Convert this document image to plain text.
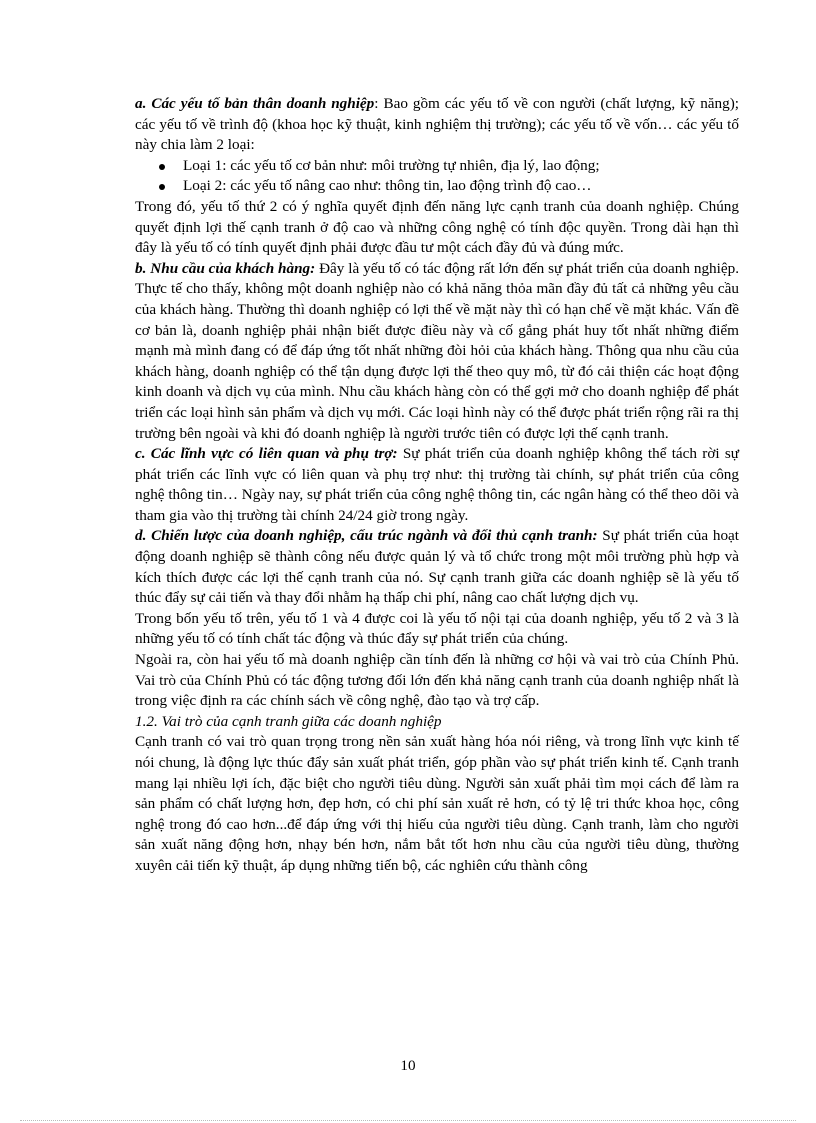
a. Các yếu tố bản thân doanh nghiệp: Bao gồm các yếu tố về con người (chất lượng, kỹ năng); các yếu tố về trình độ (khoa học kỹ thuật, kinh nghiệm thị trường); các yếu tố về vốn… các yếu tố này chia làm 2 loại:

Loại 1: các yếu tố cơ bản như: môi trường tự nhiên, địa lý, lao động;
Loại 2: các yếu tố nâng cao như: thông tin, lao động trình độ cao…

Trong đó, yếu tố thứ 2 có ý nghĩa quyết định đến năng lực cạnh tranh của doanh nghiệp. Chúng quyết định lợi thế cạnh tranh ở độ cao và những công nghệ có tính độc quyền. Trong dài hạn thì đây là yếu tố có tính quyết định phải được đầu tư một cách đầy đủ và đúng mức.

b. Nhu cầu của khách hàng: Đây là yếu tố có tác động rất lớn đến sự phát triển của doanh nghiệp. Thực tế cho thấy, không một doanh nghiệp nào có khả năng thỏa mãn đầy đủ tất cả những yêu cầu của khách hàng. Thường thì doanh nghiệp có lợi thế về mặt này thì có hạn chế về mặt khác. Vấn đề cơ bản là, doanh nghiệp phải nhận biết được điều này và cố gắng phát huy tốt nhất những điểm mạnh mà mình đang có để đáp ứng tốt nhất những đòi hỏi của khách hàng. Thông qua nhu cầu của khách hàng, doanh nghiệp có thể tận dụng được lợi thế theo quy mô, từ đó cải thiện các hoạt động kinh doanh và dịch vụ của mình. Nhu cầu khách hàng còn có thể gợi mở cho doanh nghiệp để phát triển các loại hình sản phẩm và dịch vụ mới. Các loại hình này có thể được phát triển rộng rãi ra thị trường bên ngoài và khi đó doanh nghiệp là người trước tiên có được lợi thế cạnh tranh.

c. Các lĩnh vực có liên quan và phụ trợ: Sự phát triển của doanh nghiệp không thể tách rời sự phát triển các lĩnh vực có liên quan và phụ trợ như: thị trường tài chính, sự phát triển của công nghệ thông tin… Ngày nay, sự phát triển của công nghệ thông tin, các ngân hàng có thể theo dõi và tham gia vào thị trường tài chính 24/24 giờ trong ngày.

d. Chiến lược của doanh nghiệp, cấu trúc ngành và đối thủ cạnh tranh: Sự phát triển của hoạt động doanh nghiệp sẽ thành công nếu được quản lý và tổ chức trong một môi trường phù hợp và kích thích được các lợi thế cạnh tranh của nó. Sự cạnh tranh giữa các doanh nghiệp sẽ là yếu tố thúc đẩy sự cải tiến và thay đổi nhằm hạ thấp chi phí, nâng cao chất lượng dịch vụ.

Trong bốn yếu tố trên, yếu tố 1 và 4 được coi là yếu tố nội tại của doanh nghiệp, yếu tố 2 và 3 là những yếu tố có tính chất tác động và thúc đẩy sự phát triển của chúng.

Ngoài ra, còn hai yếu tố mà doanh nghiệp cần tính đến là những cơ hội và vai trò của Chính Phủ. Vai trò của Chính Phủ có tác động tương đối lớn đến khả năng cạnh tranh của doanh nghiệp nhất là trong việc định ra các chính sách về công nghệ, đào tạo và trợ cấp.

1.2. Vai trò của cạnh tranh giữa các doanh nghiệp

Cạnh tranh có vai trò quan trọng trong nền sản xuất hàng hóa nói riêng, và trong lĩnh vực kinh tế nói chung, là động lực thúc đẩy sản xuất phát triển, góp phần vào sự phát triển kinh tế. Cạnh tranh mang lại nhiều lợi ích, đặc biệt cho người tiêu dùng. Người sản xuất phải tìm mọi cách để làm ra sản phẩm có chất lượng hơn, đẹp hơn, có chi phí sản xuất rẻ hơn, có tỷ lệ tri thức khoa học, công nghệ trong đó cao hơn...để đáp ứng với thị hiếu của người tiêu dùng. Cạnh tranh, làm cho người sản xuất năng động hơn, nhạy bén hơn, nắm bắt tốt hơn nhu cầu của người tiêu dùng, thường xuyên cải tiến kỹ thuật, áp dụng những tiến bộ, các nghiên cứu thành công

10
